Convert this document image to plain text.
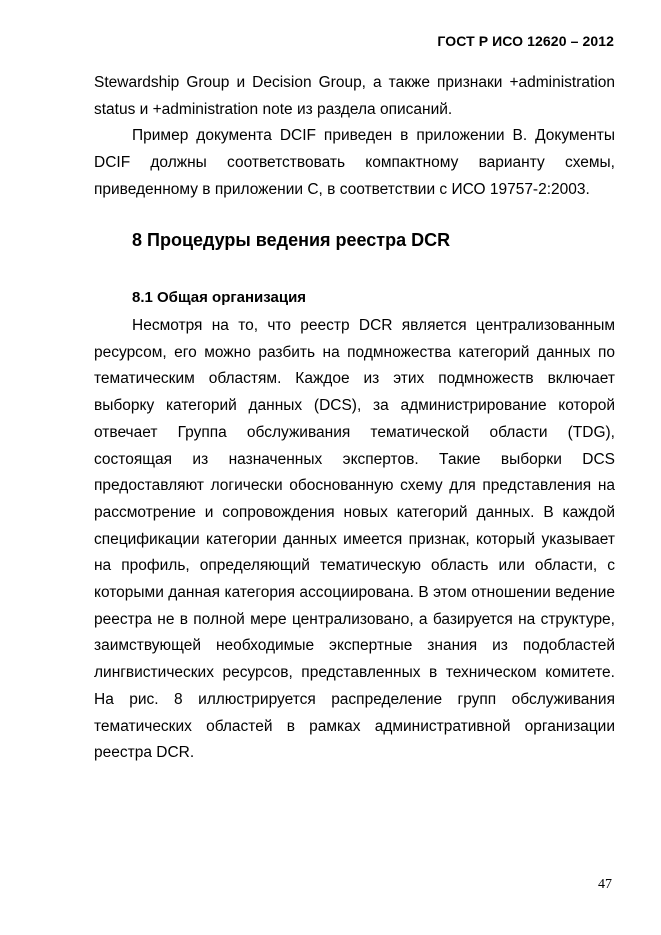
ГОСТ Р ИСО 12620 – 2012

Stewardship Group и Decision Group, а также признаки +administration status и +administration note из раздела описаний.

Пример документа DCIF приведен в приложении В. Документы DCIF должны соответствовать компактному варианту схемы, приведенному в приложении С, в соответствии с ИСО 19757-2:2003.

8 Процедуры ведения реестра DCR
8.1 Общая организация

Несмотря на то, что реестр DCR является централизованным ресурсом, его можно разбить на подмножества категорий данных по тематическим областям. Каждое из этих подмножеств включает выборку категорий данных (DCS), за администрирование которой отвечает Группа обслуживания тематической области (TDG), состоящая из назначенных экспертов. Такие выборки DCS предоставляют логически обоснованную схему для представления на рассмотрение и сопровождения новых категорий данных. В каждой спецификации категории данных имеется признак, который указывает на профиль, определяющий тематическую область или области, с которыми данная категория ассоциирована. В этом отношении ведение реестра не в полной мере централизовано, а базируется на структуре, заимствующей необходимые экспертные знания из подобластей лингвистических ресурсов, представленных в техническом комитете. На рис. 8 иллюстрируется распределение групп обслуживания тематических областей в рамках административной организации реестра DCR.

47
